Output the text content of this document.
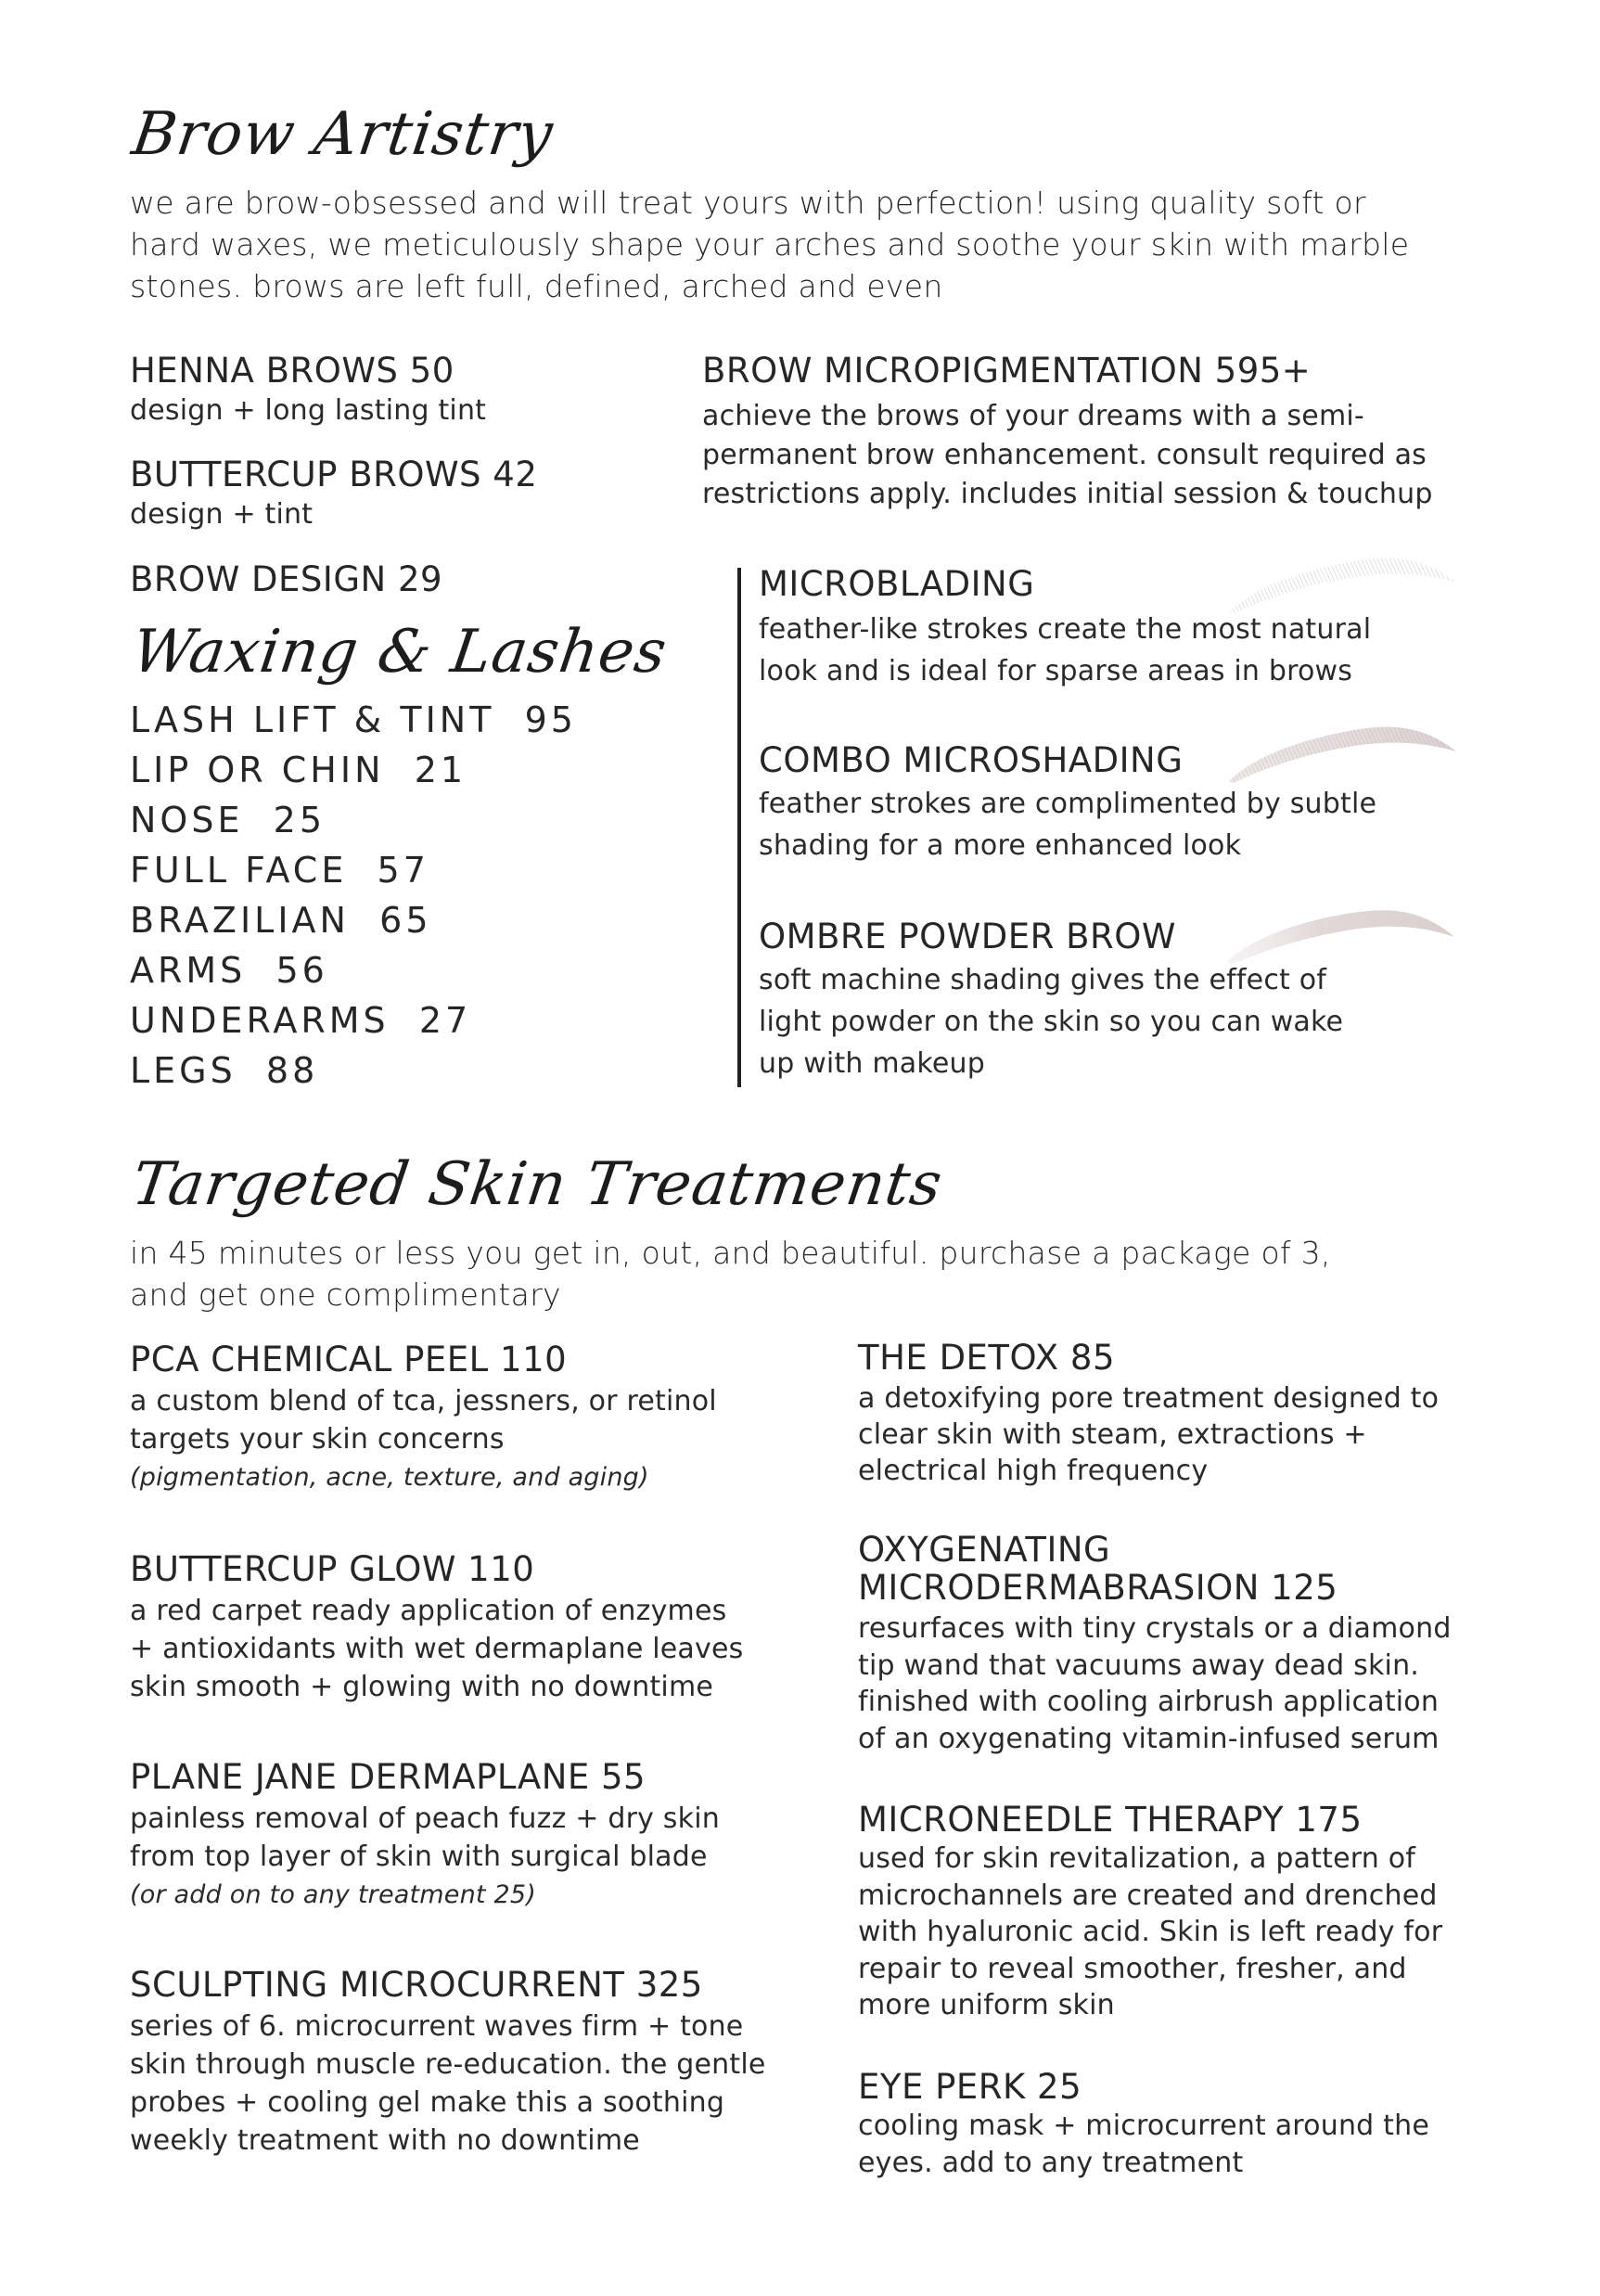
Brow Artistry
we are brow-obsessed and will treat yours with perfection! using quality soft or
hard waxes, we meticulously shape your arches and soothe your skin with marble
stones. brows are left full, defined, arched and even
HENNA BROWS 50
design + long lasting tint
BUTTERCUP BROWS 42
design + tint
BROW DESIGN 29
BROW MICROPIGMENTATION 595+
achieve the brows of your dreams with a semi-
permanent brow enhancement. consult required as
restrictions apply. includes initial session & touchup
MICROBLADING
feather-like strokes create the most natural
look and is ideal for sparse areas in brows
COMBO MICROSHADING
feather strokes are complimented by subtle
shading for a more enhanced look
OMBRE POWDER BROW
soft machine shading gives the effect of
light powder on the skin so you can wake
up with makeup
Waxing & Lashes
LASH LIFT & TINT 95
LIP OR CHIN 21
NOSE 25
FULL FACE 57
BRAZILIAN 65
ARMS 56
UNDERARMS 27
LEGS 88
Targeted Skin Treatments
in 45 minutes or less you get in, out, and beautiful. purchase a package of 3,
and get one complimentary
PCA CHEMICAL PEEL 110
a custom blend of tca, jessners, or retinol
targets your skin concerns
(pigmentation, acne, texture, and aging)
BUTTERCUP GLOW 110
a red carpet ready application of enzymes
+ antioxidants with wet dermaplane leaves
skin smooth + glowing with no downtime
PLANE JANE DERMAPLANE 55
painless removal of peach fuzz + dry skin
from top layer of skin with surgical blade
(or add on to any treatment 25)
SCULPTING MICROCURRENT 325
series of 6. microcurrent waves firm + tone
skin through muscle re-education. the gentle
probes + cooling gel make this a soothing
weekly treatment with no downtime
THE DETOX 85
a detoxifying pore treatment designed to
clear skin with steam, extractions +
electrical high frequency
OXYGENATING
MICRODERMABRASION 125
resurfaces with tiny crystals or a diamond
tip wand that vacuums away dead skin.
finished with cooling airbrush application
of an oxygenating vitamin-infused serum
MICRONEEDLE THERAPY 175
used for skin revitalization, a pattern of
microchannels are created and drenched
with hyaluronic acid. Skin is left ready for
repair to reveal smoother, fresher, and
more uniform skin
EYE PERK 25
cooling mask + microcurrent around the
eyes. add to any treatment
